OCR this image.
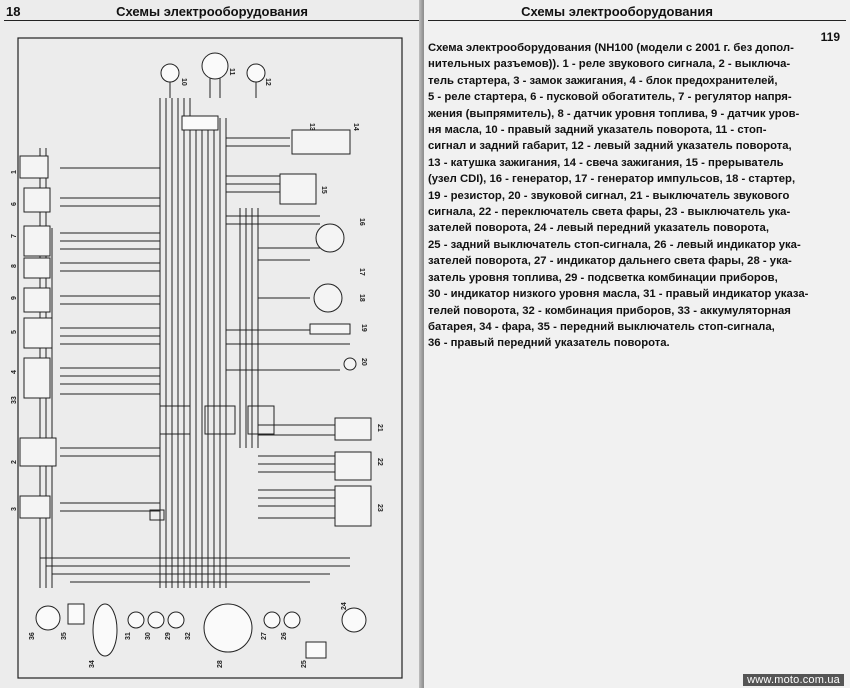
18	Схемы электрооборудования
1
2
3
4
5
6
7
8
9
10
11
12
13	14
15
16
17
18
19
20
21
22
23
24
25
26
27
28
29
30
31	32
33
34
35
36
Схемы электрооборудования
119
Схема электрооборудования (NH100 (модели с 2001 г. без допол-
нительных разъемов)). 1 - реле звукового сигнала, 2 - выключа-
тель стартера, 3 - замок зажигания, 4 - блок предохранителей,
5 - реле стартера, 6 - пусковой обогатитель, 7 - регулятор напря-
жения (выпрямитель), 8 - датчик уровня топлива, 9 - датчик уров-
ня масла, 10 - правый задний указатель поворота, 11 - стоп-
сигнал и задний габарит, 12 - левый задний указатель поворота,
13 - катушка зажигания, 14 - свеча зажигания, 15 - прерыватель
(узел CDI), 16 - генератор, 17 - генератор импульсов, 18 - стартер,
19 - резистор, 20 - звуковой сигнал, 21 - выключатель звукового
сигнала, 22 - переключатель света фары, 23 - выключатель ука-
зателей поворота, 24 - левый передний указатель поворота,
25 - задний выключатель стоп-сигнала, 26 - левый индикатор ука-
зателей поворота, 27 - индикатор дальнего света фары, 28 - ука-
затель уровня топлива, 29 - подсветка комбинации приборов,
30 - индикатор низкого уровня масла, 31 - правый индикатор указа-
телей поворота, 32 - комбинация приборов, 33 - аккумуляторная
батарея, 34 - фара, 35 - передний выключатель стоп-сигнала,
36 - правый передний указатель поворота.
www.moto.com.ua
